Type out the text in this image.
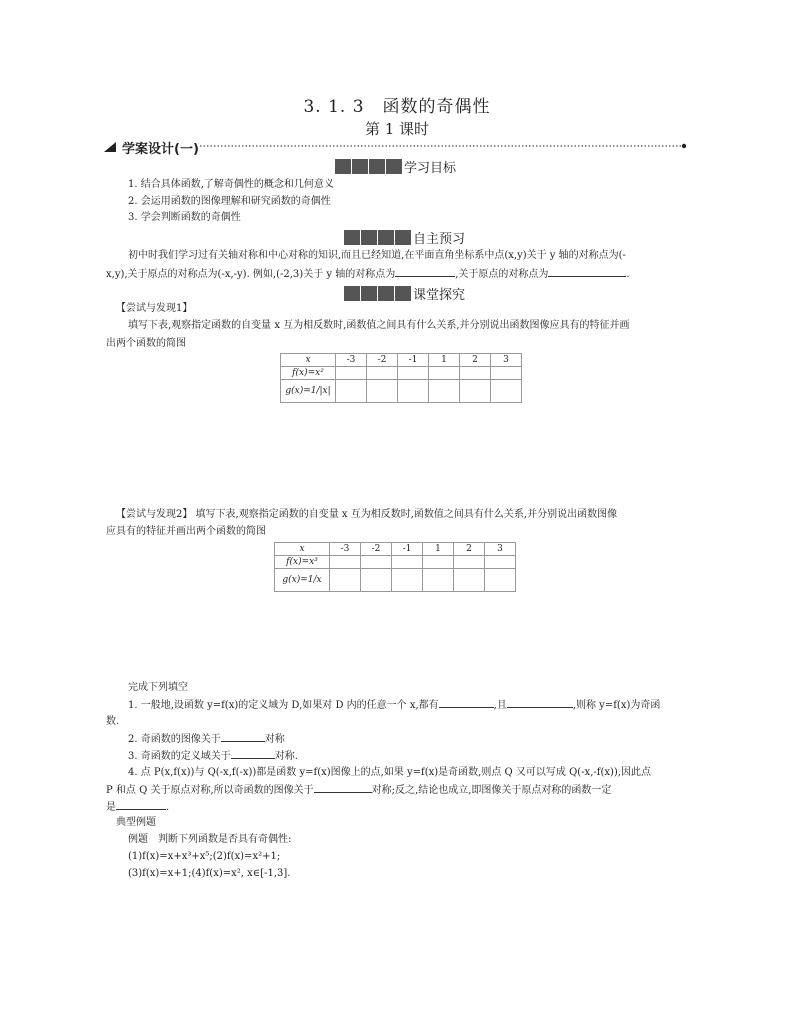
3. 1. 3　函数的奇偶性
第 1 课时
学案设计(一)
学习目标
1. 结合具体函数,了解奇偶性的概念和几何意义
2. 会运用函数的图像理解和研究函数的奇偶性
3. 学会判断函数的奇偶性
自主预习
初中时我们学习过有关轴对称和中心对称的知识,而且已经知道,在平面直角坐标系中点(x,y)关于 y 轴的对称点为(-
x,y),关于原点的对称点为(-x,-y). 例如,(-2,3)关于 y 轴的对称点为	,关于原点的对称点为	.
课堂探究
【尝试与发现1】
填写下表,观察指定函数的自变量 x 互为相反数时,函数值之间具有什么关系,并分别说出函数图像应具有的特征并画
出两个函数的简图
x	-3	-2	-1	1	2	3
f(x)=x²						
g(x)=1/|x|						
【尝试与发现2】 填写下表,观察指定函数的自变量 x 互为相反数时,函数值之间具有什么关系,并分别说出函数图像
应具有的特征并画出两个函数的简图
x	-3	-2	-1	1	2	3
f(x)=x³						
g(x)=1/x						
完成下列填空
1. 一般地,设函数 y=f(x)的定义域为 D,如果对 D 内的任意一个 x,都有	,且	,则称 y=f(x)为奇函
数.
2. 奇函数的图像关于	对称
3. 奇函数的定义域关于	对称.
4. 点 P(x,f(x))与 Q(-x,f(-x))都是函数 y=f(x)图像上的点,如果 y=f(x)是奇函数,则点 Q 又可以写成 Q(-x,-f(x)),因此点
P 和点 Q 关于原点对称,所以奇函数的图像关于	对称;反之,结论也成立,即图像关于原点对称的函数一定
是	.
典型例题
例题　判断下列函数是否具有奇偶性:
(1)f(x)=x+x³+x⁵;(2)f(x)=x²+1;
(3)f(x)=x+1;(4)f(x)=x², x∈[-1,3].
